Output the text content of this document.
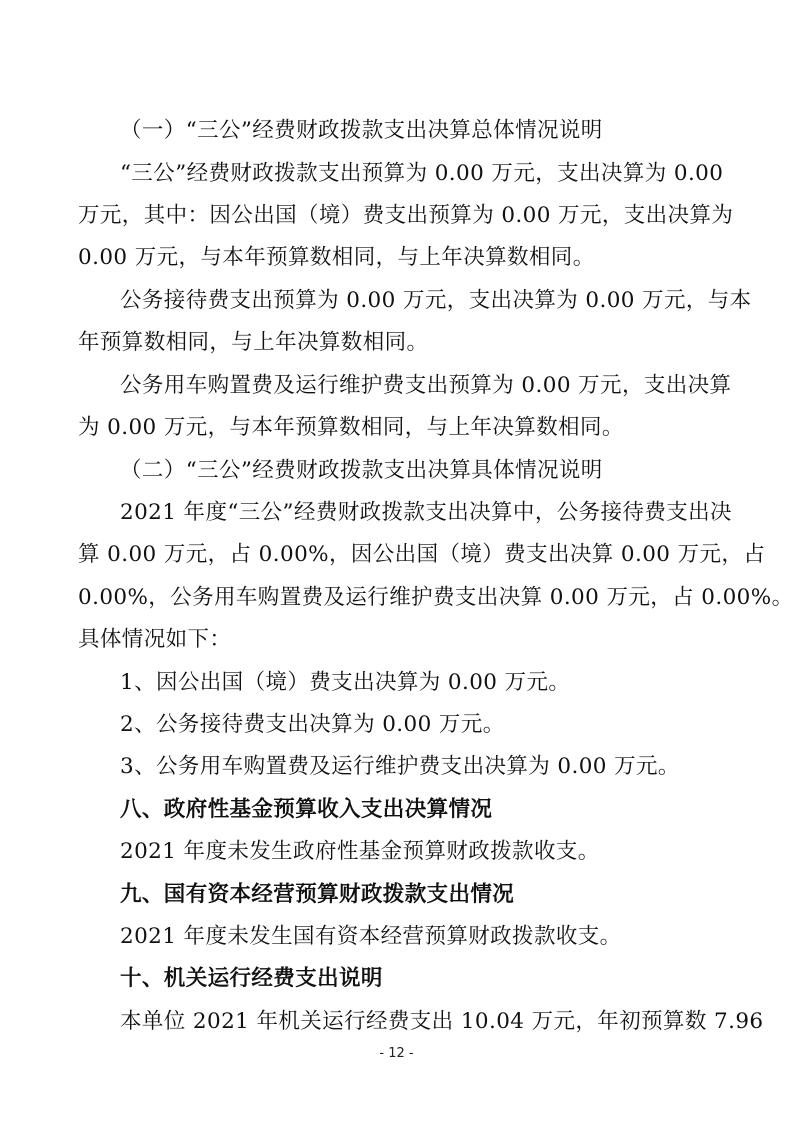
（一）“三公”经费财政拨款支出决算总体情况说明
“三公”经费财政拨款支出预算为 0.00 万元，支出决算为 0.00
万元，其中：因公出国（境）费支出预算为 0.00 万元，支出决算为
0.00 万元，与本年预算数相同，与上年决算数相同。
公务接待费支出预算为 0.00 万元，支出决算为 0.00 万元，与本
年预算数相同，与上年决算数相同。
公务用车购置费及运行维护费支出预算为 0.00 万元，支出决算
为 0.00 万元，与本年预算数相同，与上年决算数相同。
（二）“三公”经费财政拨款支出决算具体情况说明
2021 年度“三公”经费财政拨款支出决算中，公务接待费支出决
算 0.00 万元，占 0.00%，因公出国（境）费支出决算 0.00 万元，占
0.00%，公务用车购置费及运行维护费支出决算 0.00 万元，占 0.00%。
具体情况如下：
1、因公出国（境）费支出决算为 0.00 万元。
2、公务接待费支出决算为 0.00 万元。
3、公务用车购置费及运行维护费支出决算为 0.00 万元。
八、政府性基金预算收入支出决算情况
2021 年度未发生政府性基金预算财政拨款收支。
九、国有资本经营预算财政拨款支出情况
2021 年度未发生国有资本经营预算财政拨款收支。
十、机关运行经费支出说明
本单位 2021 年机关运行经费支出 10.04 万元，年初预算数 7.96
- 12 -
